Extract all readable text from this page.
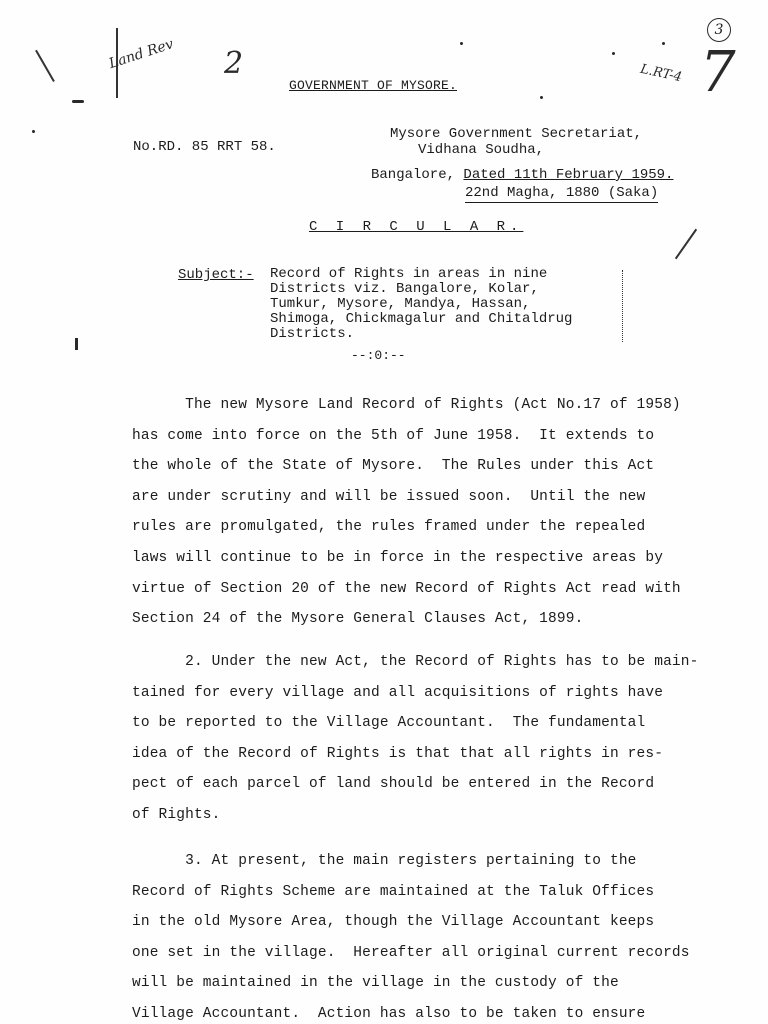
Land Rev 2	L.RT-4
3
7
GOVERNMENT OF MYSORE.
No.RD. 85 RRT 58.
Mysore Government Secretariat,
Vidhana Soudha,
Bangalore, Dated 11th February 1959.
22nd Magha, 1880 (Saka)
C I R C U L A R.
Subject:- Record of Rights in areas in nine
Districts viz. Bangalore, Kolar,
Tumkur, Mysore, Mandya, Hassan,
Shimoga, Chickmagalur and Chitaldrug
Districts.
--:0:--
The new Mysore Land Record of Rights (Act No.17 of 1958)
has come into force on the 5th of June 1958.  It extends to
the whole of the State of Mysore.  The Rules under this Act
are under scrutiny and will be issued soon.  Until the new
rules are promulgated, the rules framed under the repealed
laws will continue to be in force in the respective areas by
virtue of Section 20 of the new Record of Rights Act read with
Section 24 of the Mysore General Clauses Act, 1899.
2. Under the new Act, the Record of Rights has to be main-
tained for every village and all acquisitions of rights have
to be reported to the Village Accountant.  The fundamental
idea of the Record of Rights is that that all rights in res-
pect of each parcel of land should be entered in the Record
of Rights.
3. At present, the main registers pertaining to the
Record of Rights Scheme are maintained at the Taluk Offices
in the old Mysore Area, though the Village Accountant keeps
one set in the village.  Hereafter all original current records
will be maintained in the village in the custody of the
Village Accountant.  Action has also to be taken to ensure
